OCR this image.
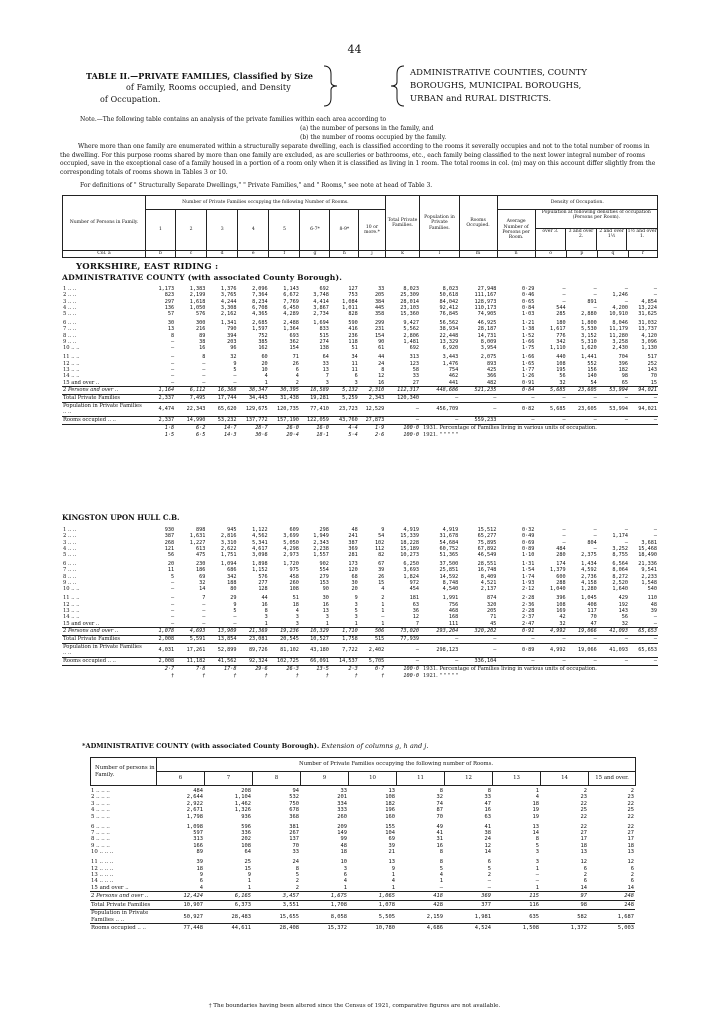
44
TABLE II.—PRIVATE FAMILIES, Classified by Size
of Family, Rooms occupied, and Density
of Occupation.
ADMINISTRATIVE COUNTIES, COUNTY
BOROUGHS, MUNICIPAL BOROUGHS,
URBAN and RURAL DISTRICTS.
Note.—The following table contains an analysis of the private families within each area according to
(a) the number of persons in the family, and
(b) the number of rooms occupied by the family.
Where more than one family are enumerated within a structurally separate dwelling, each is classified according to the rooms it severally occupies and not to the total number of rooms in the dwelling. For this purpose rooms shared by more than one family are excluded, as are sculleries or bathrooms, etc., each family being classified to the next lower integral number of rooms occupied, save in the exceptional case of a family housed in a portion of a room only when it is classified as living in 1 room. The total rooms in col. (m) may on this account differ slightly from the corresponding totals of rooms shown in Tables 3 or 10.
For definitions of " Structurally Separate Dwellings," " Private Families," and " Rooms," see note at head of Table 3.
Number of Persons in Family.	Number of Private Families occupying the following Number of Rooms.								Total Private Families.	Population in Private Families.	Rooms Occupied.	Density of Occupation.				

	1	2	3	4	5	6-7*	8-9*	10 or more.*				Average Number of Persons per Room.	Population at following densities of occupation (Persons per Room).
over 3. 3 and over 2.
2 and over 1½
1½ and over 1.			

Col. a	b	c	d	e	f	g	h	j	k	l	m	n	o	p	q	r
YORKSHIRE, EAST RIDING :
ADMINISTRATIVE COUNTY (with associated County Borough).
1 .. ..	1,173	1,383	1,376	2,096	1,143	692	127	33	8,023	8,023	27,948	0·29	—	—	—	—
2 .. ..	823	2,199	3,765	7,364	6,672	3,748	753	205	25,309	50,618	111,167	0·46	—	—	1,246	—
3 .. ..	297	1,618	4,244	8,234	7,769	4,414	1,084	384	28,014	84,042	128,973	0·65	—	891	—	4,854
4 .. ..	136	1,050	3,308	6,708	6,450	3,867	1,011	445	23,103	92,412	110,173	0·84	544	—	4,200	13,224
5 .. ..	57	576	2,162	4,365	4,289	2,734	828	358	15,360	76,845	74,905	1·03	285	2,880	10,910	31,625
6 .. ..	30	300	1,341	2,685	2,488	1,694	590	299	9,427	56,562	46,925	1·21	180	1,800	8,046	31,032
7 .. ..	13	216	790	1,597	1,364	833	416	231	5,562	38,934	28,187	1·38	1,617	5,530	11,179	13,737
8 .. ..	8	89	394	752	693	515	236	154	2,806	22,448	14,731	1·52	776	3,152	11,280	4,120
9 .. ..	—	38	203	385	362	274	118	90	1,481	13,329	8,009	1·66	342	5,310	3,258	3,096
10 .. ..	—	16	96	162	154	138	51	61	692	6,920	3,954	1·75	1,110	1,620	2,430	1,130
11 .. ..	—	8	32	60	71	64	34	44	313	3,443	2,075	1·66	440	1,441	704	517
12 .. ..	—	—	9	20	26	33	11	24	123	1,476	893	1·65	108	552	396	252
13 .. ..	—	—	5	10	6	13	11	8	58	754	425	1·77	195	156	182	143
14 .. ..	—	—	—	4	4	7	6	12	33	462	366	1·26	56	140	98	70
15 and over ..	—	—	—	1	2	3	3	16	27	441	482	0·91	32	54	65	15
2 Persons and over ..	1,164	6,112	16,368	38,347	30,395	18,589	5,132	2,310	112,317	448,686	521,235	0·84	5,685	23,605	53,994	94,021
Total Private Families	2,337	7,495	17,744	34,443	31,438	19,281	5,259	2,343	120,340	—	—	—	—	—	—	—
Population in Private Families .. ..	4,474	22,343	65,620	129,675	120,735	77,410	23,723	12,529	—	456,709	—	0·82	5,685	23,605	53,994	94,021
Rooms occupied .. ..	2,337	14,990	53,232	137,772	157,190	122,059	43,760	27,873	—	—	559,233	—	—	—	—	—
	1·8	6·2	14·7	28·7	26·0	16·0	4·4	1·9	100·0	1931. Percentage of Families living in various units of occupation.						
	1·5	6·5	14·3	30·6	20·4	18·1	5·4	2·6	100·0	1921. " " " " "						
KINGSTON UPON HULL C.B.
1 .. ..	930	898	945	1,122	609	298	48	9	4,919	4,919	15,512	0·32	—	—	—	—
2 .. ..	387	1,631	2,816	4,562	3,699	1,949	241	54	15,339	31,678	65,277	0·49	—	—	1,174	—
3 .. ..	268	1,227	3,310	5,341	5,050	2,343	387	102	18,228	54,684	75,895	0·69	—	804	—	3,681
4 .. ..	121	613	2,622	4,617	4,298	2,238	369	112	15,189	60,752	67,892	0·89	484	—	3,252	15,468
5 .. ..	56	475	1,751	3,098	2,973	1,557	281	82	10,273	51,365	46,549	1·10	280	2,375	8,755	18,490
6 .. ..	20	230	1,094	1,898	1,720	902	173	67	6,250	37,500	28,551	1·31	174	1,434	6,564	21,336
7 .. ..	11	186	686	1,152	975	554	120	39	3,693	25,851	16,748	1·54	1,379	4,592	8,064	9,541
8 .. ..	5	69	342	576	458	279	68	26	1,824	14,592	8,409	1·74	600	2,736	8,272	2,233
9 .. ..	—	32	188	277	260	153	30	15	972	8,748	4,521	1·93	288	4,158	2,520	1,548
10 .. ..	—	14	80	128	108	90	20	4	454	4,540	2,137	2·12	1,040	1,280	1,640	540
11 .. ..	—	7	29	44	51	30	9	2	181	1,991	874	2·28	396	1,045	429	110
12 .. ..	—	—	9	16	18	16	3	1	63	756	320	2·36	108	408	192	48
13 .. ..	—	—	5	8	4	13	5	1	36	468	205	2·28	169	117	143	39
14 .. ..	—	—	—	3	3	3	3	—	12	168	71	2·37	42	70	56	—
15 and over ..	—	—	—	1	3	1	1	1	7	111	45	2·47	32	47	32	—
2 Persons and over ..	1,078	4,693	13,909	21,369	19,236	10,329	1,710	506	73,020	293,204	320,202	0·91	4,992	19,066	41,093	65,653
Total Private Families	2,008	5,591	13,854	23,081	20,545	10,527	1,758	515	77,939	—	—	—	—	—	—	—
Population in Private Families .. ..	4,031	17,261	52,899	89,726	81,102	43,180	7,722	2,402	—	298,123	—	0·89	4,992	19,066	41,093	65,653
Rooms occupied .. ..	2,008	11,182	41,562	92,324	102,725	66,091	14,537	5,705	—	—	336,104	—	—	—	—	—
	2·7	7·8	17·8	29·6	26·3	13·5	2·3	0·7	100·0	1931. Percentage of Families living in various units of occupation.						
	†	†	†	†	†	†	†	†	100·0	1921. " " " " "						
*ADMINISTRATIVE COUNTY (with associated County Borough). Extension of columns g, h and j.
Number of persons in Family.	Number of Private Families occupying the following number of Rooms.									
	6	7	8	9	10	11	12	13	14	15 and over.
1 .. .. ..	484	208	94	33	13	8	8	1	2	2
2 .. .. ..	2,644	1,104	532	201	108	32	33	4	23	23
3 .. .. ..	2,922	1,462	750	334	182	74	47	18	22	22
4 .. .. ..	2,671	1,326	678	333	196	87	16	19	25	25
5 .. .. ..	1,798	936	368	260	160	70	63	19	22	22
6 .. .. ..	1,098	596	381	209	155	49	41	13	22	22
7 .. .. ..	597	336	267	149	104	41	38	14	27	27
8 .. .. ..	313	202	137	99	69	31	24	8	17	17
9 .. .. ..	166	108	70	48	39	16	12	5	18	18
10 .. .. ..	89	64	33	18	21	8	14	3	13	13
11 .. .. ..	39	25	24	10	13	8	6	3	12	12
12 .. .. ..	18	15	8	3	9	5	5	1	6	6
13 .. .. ..	9	9	5	6	1	4	2	—	2	2
14 .. .. ..	6	1	2	4	4	1	—	—	6	6
15 and over ..	4	1	2	1	1	—	—	1	14	14
2 Persons and over ..	12,424	6,165	3,457	1,675	1,065	418	369	115	97	248
Total Private Families	10,907	6,373	3,551	1,708	1,078	428	377	116	98	248
Population in Private Families .. ..	50,927	28,483	15,655	8,058	5,505	2,159	1,981	635	582	1,687
Rooms occupied .. ..	77,448	44,611	28,408	15,372	10,780	4,686	4,524	1,508	1,372	5,003
† The boundaries having been altered since the Census of 1921, comparative figures are not available.
